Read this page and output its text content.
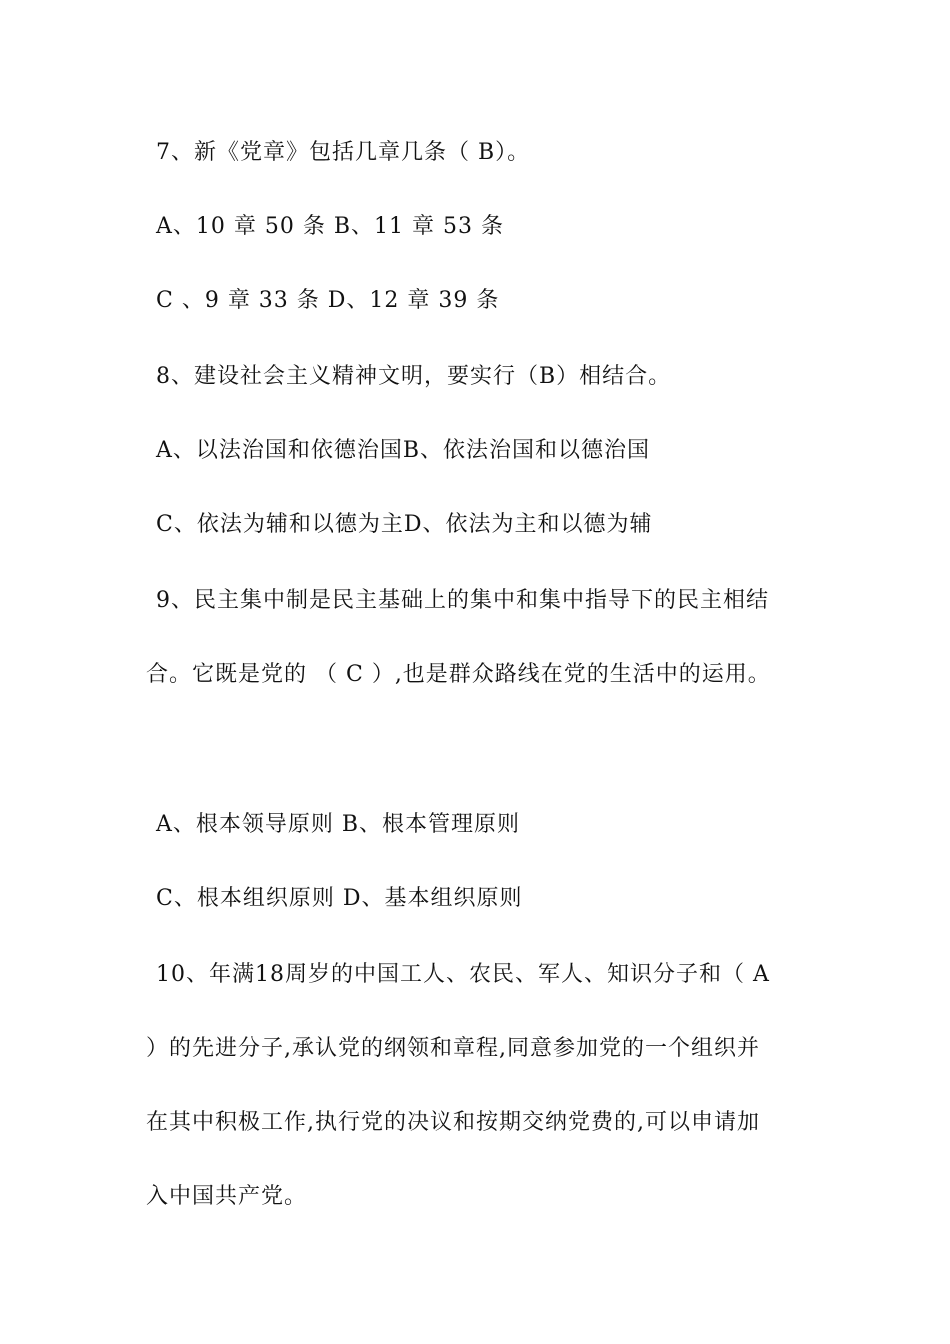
7、新《党章》包括几章几条（ B）。
A、10 章 50 条 B、11 章 53 条
C 、9 章 33 条 D、12 章 39 条
8、建设社会主义精神文明，要实行（B）相结合。
A、以法治国和依德治国B、依法治国和以德治国
C、依法为辅和以德为主D、依法为主和以德为辅
9、民主集中制是民主基础上的集中和集中指导下的民主相结
合。它既是党的 （ C ）,也是群众路线在党的生活中的运用。
A、根本领导原则 B、根本管理原则
C、根本组织原则 D、基本组织原则
10、年满18周岁的中国工人、农民、军人、知识分子和（ A
）的先进分子,承认党的纲领和章程,同意参加党的一个组织并
在其中积极工作,执行党的决议和按期交纳党费的,可以申请加
入中国共产党。
